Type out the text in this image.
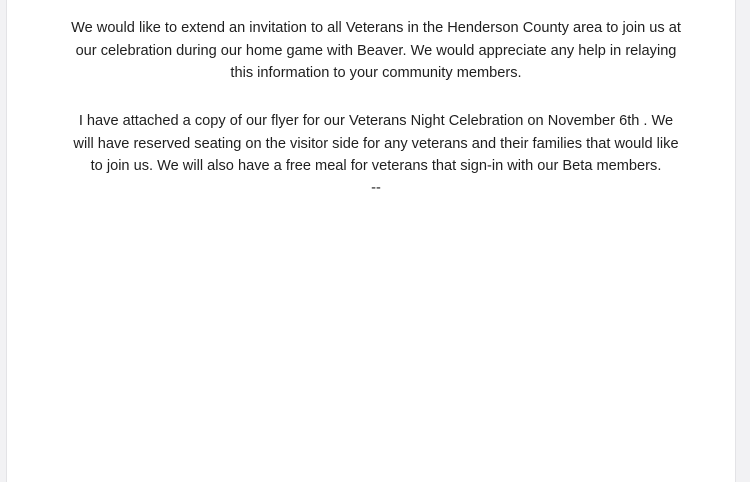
We would like to extend an invitation to all Veterans in the Henderson County area to join us at
our celebration during our home game with Beaver. We would appreciate any help in relaying
this information to your community members.

I have attached a copy of our flyer for our Veterans Night Celebration on November 6th . We
will have reserved seating on the visitor side for any veterans and their families that would like
to join us. We will also have a free meal for veterans that sign-in with our Beta members.

--
